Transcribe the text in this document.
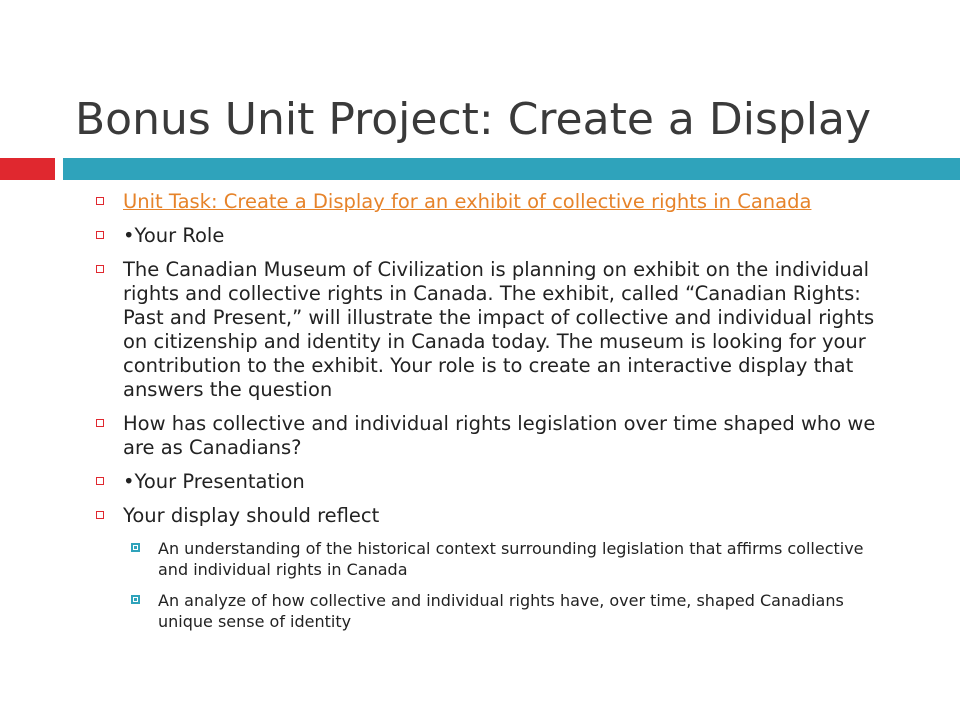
Bonus Unit Project: Create a Display
Unit Task: Create a Display for an exhibit of collective rights in Canada
•Your Role
The Canadian Museum of Civilization is planning on exhibit on the individual rights and collective rights in Canada. The exhibit, called “Canadian Rights: Past and Present,” will illustrate the impact of collective and individual rights on citizenship and identity in Canada today. The museum is looking for your contribution to the exhibit. Your role is to create an interactive display that answers the question
How has collective and individual rights legislation over time shaped who we are as Canadians?
•Your Presentation
Your display should reflect
An understanding of the historical context surrounding legislation that affirms collective and individual rights in Canada
An analyze of how collective and individual rights have, over time, shaped Canadians unique sense of identity
